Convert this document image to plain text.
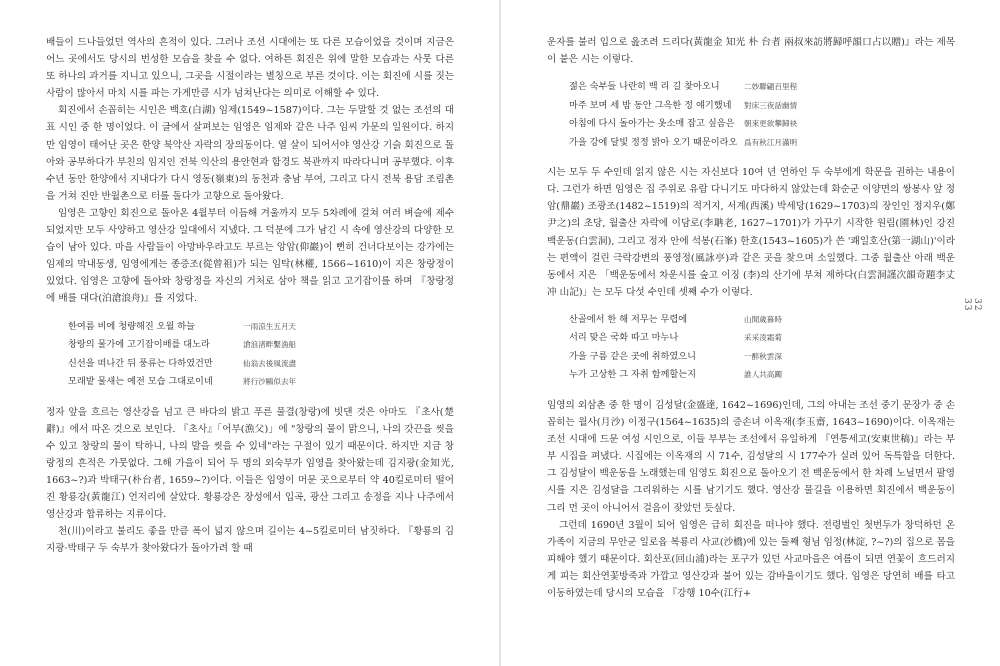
배들이 드나들었던 역사의 흔적이 있다. 그러나 조선 시대에는 또 다른 모습이었을 것이며 지금은 어느 곳에서도 당시의 번성한 모습을 찾을 수 없다. 여하튼 회진은 위에 말한 모습과는 사뭇 다른 또 하나의 과거를 지니고 있으니, 그곳을 시절이라는 별칭으로 부른 것이다. 이는 회진에 시를 짓는 사람이 많아서 마치 시를 파는 가게만큼 시가 넘쳐난다는 의미로 이해할 수 있다.

회진에서 손꼽히는 시인은 백호(白湖) 임제(1549~1587)이다. 그는 두말할 것 없는 조선의 대표 시인 중 한 명이었다. 이 글에서 살펴보는 임영은 임제와 같은 나주 임씨 가문의 일원이다. 하지만 임영이 태어난 곳은 한양 북악산 자락의 장의동이다. 열 살이 되어서야 영산강 기슭 회진으로 돌아와 공부하다가 부친의 임지인 전북 익산의 용안현과 함경도 북관까지 따라다니며 공부했다. 이후 수년 동안 한양에서 지내다가 다시 영동(嶺東)의 동천과 충남 부여, 그리고 다시 전북 용담 조림촌을 거쳐 진안 반월촌으로 터를 돌다가 고향으로 돌아왔다.

임영은 고향인 회진으로 돌아온 4월부터 이듬해 겨울까지 모두 5차례에 걸쳐 여러 벼슬에 제수되었지만 모두 사양하고 영산강 일대에서 지냈다. 그 덕분에 그가 남긴 시 속에 영산강의 다양한 모습이 남아 있다. 마을 사람들이 아망바우라고도 부르는 앙암(仰巖)이 뻔히 건너다보이는 강가에는 임제의 막내동생, 임영에게는 종증조(從曾祖)가 되는 임탁(林權, 1566~1610)이 지은 창랑정이 있었다. 임영은 고향에 돌아와 창랑정을 자신의 거처로 삼아 책을 읽고 고기잡이를 하며 『창랑정에 배를 대다(泊滄浪舟)』를 지었다.

한여름 비에 청량해진 오월 하늘	一雨涼生五月天
창랑의 물가에 고기잡이배를 대노라	滄浪渚畔繫漁船
신선을 떠나간 뒤 풍류는 다하였건만	仙翁去後風流盡
모래밭 물새는 예전 모습 그대로이네	將行沙鷗似去年

정자 앞을 흐르는 영산강을 넘고 큰 바다의 밝고 푸른 물결(창랑)에 빗댄 것은 아마도 『초사(楚辭)』에서 따온 것으로 보인다. 『초사』「어부(漁父)」에 "창랑의 물이 맑으니, 나의 갓끈을 씻을 수 있고 창랑의 물이 탁하니, 나의 발을 씻을 수 있네"라는 구절이 있기 때문이다. 하지만 지금 창랑정의 흔적은 가뭇없다. 그해 가을이 되어 두 명의 외숙부가 임영을 찾아왔는데 김지광(金知光, 1663~?)과 박태구(朴台者, 1659~?)이다. 이들은 임영이 머문 곳으로부터 약 40킬로미터 떨어진 황룡강(黃龍江) 언저리에 살았다. 황룡강은 장성에서 입곡, 광산 그리고 송정을 지나 나주에서 영산강과 합류하는 지류이다.

천(川)이라고 불리도 좋을 만큼 폭이 넓지 않으며 길이는 4~5킬로미터 남짓하다. 『황룡의 김지광·박태구 두 숙부가 찾아왔다가 돌아가려 할 때

운자를 불러 입으로 읊조려 드리다(黃龍金 知光 朴 台者 兩叔來訪將歸呼韻口占以贈)』라는 제목이 붙은 시는 이렇다.

젊은 숙부들 나란히 백 리 길 찾아오니	二妙聯翩百里程
마주 보며 세 밤 동안 그윽한 정 얘기했네	對床三夜話幽情
아침에 다시 돌아가는 옷소매 잡고 싶음은	朝來更欲攀歸袂
가을 강에 달빛 정정 밝아 오기 때문이라오 爲有秋江月滿明

시는 모두 두 수인데 읽지 않은 시는 자신보다 10여 년 연하인 두 숙부에게 학문을 권하는 내용이다. 그런가 하면 임영은 집 주위로 유람 다니기도 마다하지 않았는데 화순군 이양면의 쌍봉사 앞 정암(鼎巖) 조광조(1482~1519)의 적거지, 서계(西溪) 박세당(1629~1703)의 장인인 정지우(鄭尹之)의 초당, 월출산 자락에 이담로(李聃老, 1627~1701)가 가꾸기 시작한 원림(園林)인 강진 백운동(白雲洞), 그리고 정자 안에 석봉(石峯) 한호(1543~1605)가 쓴 '쾌일호산(第一湖山)'이라는 편액이 걸린 극락강변의 풍영정(風詠亭)과 같은 곳을 찾으며 소일했다. 그중 월출산 아래 백운동에서 지은 「백운동에서 차운시를 숲고 이징 (李)의 산기에 부쳐 제하다(白雲洞謹次韻奇題李丈 冲 山記)」는 모두 다섯 수인데 셋째 수가 이렇다.

산골에서 한 해 저무는 무렵에	山間歲暮時
서리 맞은 국화 따고 마누나	采采凌霜菊
가을 구름 같은 곳에 취하였으니	一醉秋雲深
누가 고상한 그 자취 함께할는지	誰人共高躅

임영의 외삼촌 중 한 명이 김성달(金盛達, 1642~1696)인데, 그의 아내는 조선 중기 문장가 중 손꼽히는 월사(月沙) 이정구(1564~1635)의 증손녀 이옥재(李玉齋, 1643~1690)이다. 이옥재는 조선 시대에 드문 여성 시인으로, 이들 부부는 조선에서 유일하게 『연통세고(安東世稿)』라는 부부 시집을 펴냈다. 시집에는 이옥재의 시 71수, 김성달의 시 177수가 실려 있어 독특함을 더한다. 그 김성달이 백운동을 노래했는데 임영도 회진으로 돌아오기 전 백운동에서 한 차례 노닐면서 팔영시를 지은 김성달을 그리워하는 시를 남기기도 했다. 영산강 물길을 이용하면 회진에서 백운동이 그리 먼 곳이 아니어서 걸음이 잦았던 듯싶다.

그런데 1690년 3월이 되어 임영은 급히 회진을 떠나야 했다. 전령벌인 첫번두가 창덕하던 온 가족이 지금의 무안군 일로읍 복룡리 사교(沙橋)에 있는 둘째 형님 임정(林淀, ?~?)의 집으로 몸을 피해야 했기 때문이다. 회산포(回山浦)라는 포구가 있던 사교마을은 여름이 되면 연꽃이 흐드러지게 피는 회산연꽃방죽과 가깝고 영산강과 불어 있는 감바울이기도 했다. 임영은 당연히 배를 타고 이동하였는데 당시의 모습을 『강행 10수(江行+

32
33
